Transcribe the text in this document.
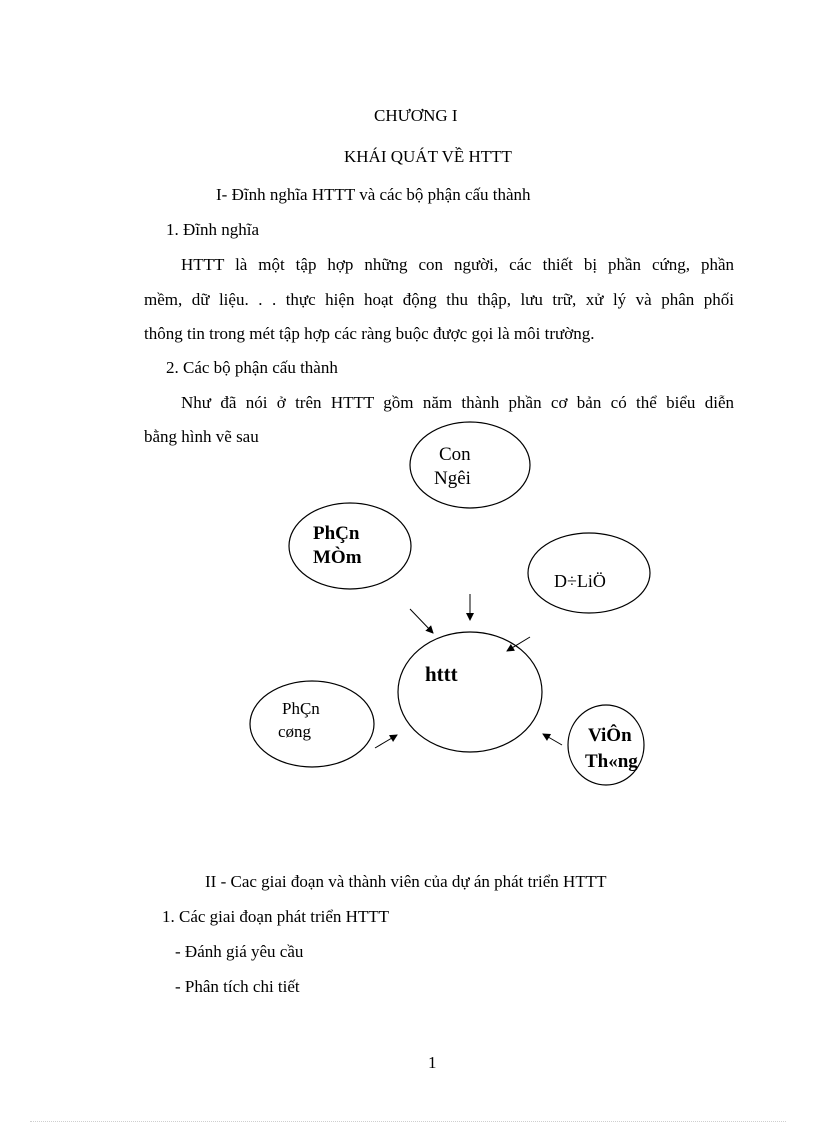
CHƯƠNG I
KHÁI QUÁT VỀ HTTT
I- Đĩnh nghĩa HTTT và các bộ phận cấu thành
1. Đĩnh nghĩa
HTTT là một tập hợp những con người, các thiết bị phần cứng, phần
mềm, dữ liệu. . . thực hiện hoạt động thu thập, lưu trữ, xử lý và phân phối
thông tin trong mét tập hợp các ràng buộc được gọi là môi trường.
2. Các bộ phận cấu thành
Như đã nói ở trên HTTT gồm năm thành phần cơ bản có thể biểu diễn
bằng hình vẽ sau
Con
Ngêi
PhÇn
MÒm
D÷LiÖ
httt
PhÇn
cøng	ViÔn
Th«ng
II - Cac giai đoạn và thành viên của dự án phát triển HTTT
1. Các giai đoạn phát triển HTTT
- Đánh giá yêu cầu
- Phân tích chi tiết
1
